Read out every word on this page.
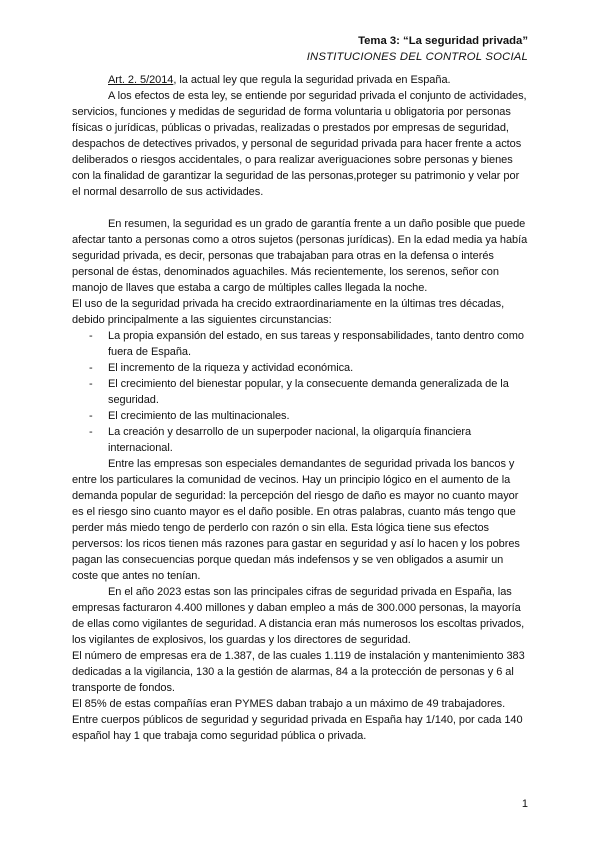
Tema 3: “La seguridad privada”
INSTITUCIONES DEL CONTROL SOCIAL

Art. 2. 5/2014, la actual ley que regula la seguridad privada en España.

A los efectos de esta ley, se entiende por seguridad privada el conjunto de actividades, servicios, funciones y medidas de seguridad de forma voluntaria u obligatoria por personas físicas o jurídicas, públicas o privadas, realizadas o prestados por empresas de seguridad, despachos de detectives privados, y personal de seguridad privada para hacer frente a actos deliberados o riesgos accidentales, o para realizar averiguaciones sobre personas y bienes con la finalidad de garantizar la seguridad de las personas,proteger su patrimonio y velar por el normal desarrollo de sus actividades.

En resumen, la seguridad es un grado de garantía frente a un daño posible que puede afectar tanto a personas como a otros sujetos (personas jurídicas). En la edad media ya había seguridad privada, es decir, personas que trabajaban para otras en la defensa o interés personal de éstas, denominados aguachiles. Más recientemente, los serenos, señor con manojo de llaves que estaba a cargo de múltiples calles llegada la noche.

El uso de la seguridad privada ha crecido extraordinariamente en la últimas tres décadas, debido principalmente a las siguientes circunstancias:

- La propia expansión del estado, en sus tareas y responsabilidades, tanto dentro como fuera de España.
- El incremento de la riqueza y actividad económica.
- El crecimiento del bienestar popular, y la consecuente demanda generalizada de la seguridad.
- El crecimiento de las multinacionales.
- La creación y desarrollo de un superpoder nacional, la oligarquía financiera internacional.

Entre las empresas son especiales demandantes de seguridad privada los bancos y entre los particulares la comunidad de vecinos. Hay un principio lógico en el aumento de la demanda popular de seguridad: la percepción del riesgo de daño es mayor no cuanto mayor es el riesgo sino cuanto mayor es el daño posible. En otras palabras, cuanto más tengo que perder más miedo tengo de perderlo con razón o sin ella. Esta lógica tiene sus efectos perversos: los ricos tienen más razones para gastar en seguridad y así lo hacen y los pobres pagan las consecuencias porque quedan más indefensos y se ven obligados a asumir un coste que antes no tenían.

En el año 2023 estas son las principales cifras de seguridad privada en España, las empresas facturaron 4.400 millones y daban empleo a más de 300.000 personas, la mayoría de ellas como vigilantes de seguridad. A distancia eran más numerosos los escoltas privados, los vigilantes de explosivos, los guardas y los directores de seguridad.

El número de empresas era de 1.387, de las cuales 1.119 de instalación y mantenimiento 383 dedicadas a la vigilancia, 130 a la gestión de alarmas, 84 a la protección de personas y 6 al transporte de fondos.

El 85% de estas compañías eran PYMES daban trabajo a un máximo de 49 trabajadores. Entre cuerpos públicos de seguridad y seguridad privada en España hay 1/140, por cada 140 español hay 1 que trabaja como seguridad pública o privada.

1
